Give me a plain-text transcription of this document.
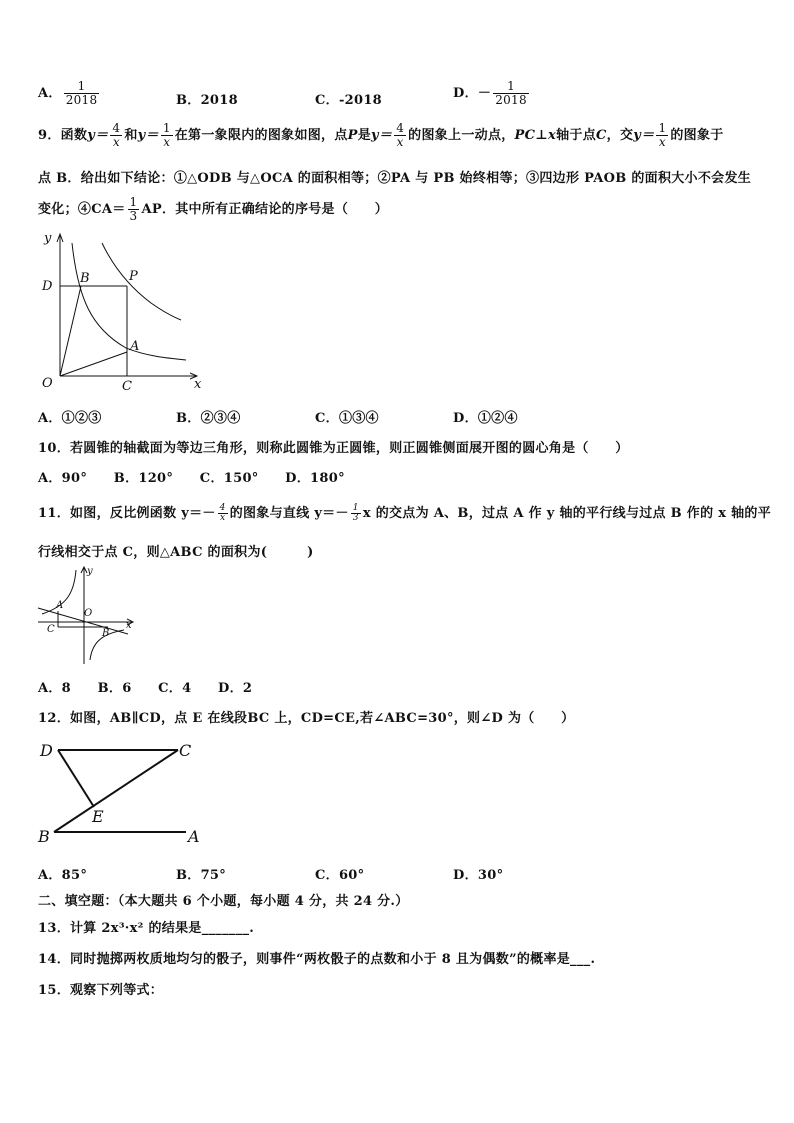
A． $\frac{1}{2018}$	B．2018	C．-2018	D．－ $\frac{1}{2018}$
9．函数$y= \frac{4}{x}$ 和$y= \frac{1}{x}$ 在第一象限内的图象如图，点P是$y= \frac{4}{x}$ 的图象上一动点，PC⊥x轴于点C，交$y= \frac{1}{x}$ 的图象于
点 B．给出如下结论：①△ODB 与△OCA 的面积相等；②PA 与 PB 始终相等；③四边形 PAOB 的面积大小不会发生
变化；④CA＝ $\frac{1}{3}$ AP．其中所有正确结论的序号是（　　）
y
x
O
D
B	P
A
C
A．①②③	B．②③④	C．①③④	D．①②④
10．若圆锥的轴截面为等边三角形，则称此圆锥为正圆锥，则正圆锥侧面展开图的圆心角是（　　）
A．90°　　B．120°　　C．150°　　D．180°
11．如图，反比例函数 $y=- \frac{4}{x}$ 的图象与直线 $y=- \frac{1}{3}$ x 的交点为 A、B，过点 A 作 y 轴的平行线与过点 B 作的 x 轴的平
行线相交于点 C，则△ABC 的面积为(　　　)
y
x
O
A
B
C
A．8　　B．6　　C．4　　D．2
12．如图，AB∥CD，点 E 在线段BC 上，CD=CE,若∠ABC=30°，则∠D 为（　　）
D	C
E
B	A
A．85°	B．75°	C．60°	D．30°
二、填空题：（本大题共 6 个小题，每小题 4 分，共 24 分.）
13．计算 2x³·x² 的结果是_______.
14．同时抛掷两枚质地均匀的骰子，则事件“两枚骰子的点数和小于 8 且为偶数”的概率是___.
15．观察下列等式：
